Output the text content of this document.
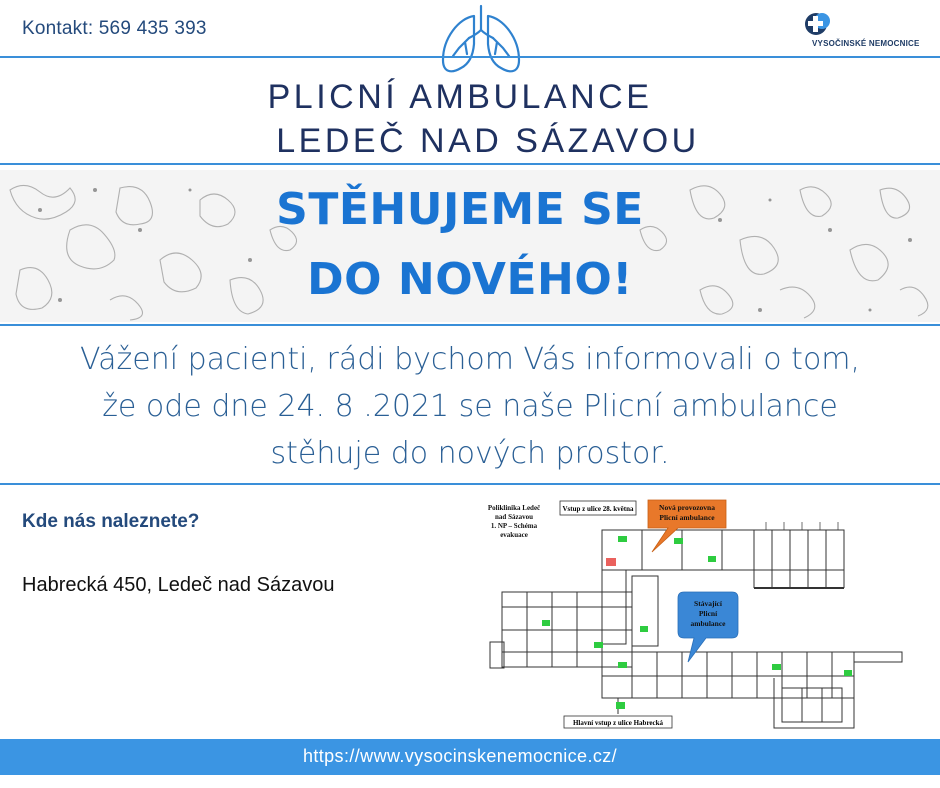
Kontakt: 569 435 393
VYSOČINSKÉ NEMOCNICE
PLICNÍ AMBULANCE
LEDEČ NAD SÁZAVOU
STĚHUJEME SE
DO NOVÉHO!
Vážení pacienti, rádi bychom Vás informovali o tom,
že ode dne 24. 8 .2021 se naše Plicní ambulance
stěhuje do nových prostor.
Kde nás naleznete?
Habrecká 450, Ledeč nad Sázavou
Poliklinika Ledeč
nad Sázavou
1. NP – Schéma
evakuace
Vstup z ulice 28. května	Nová provozovna
Plicní ambulance
Stávající
Plicní
ambulance
Hlavní vstup z ulice Habrecká
https://www.vysocinskenemocnice.cz/
